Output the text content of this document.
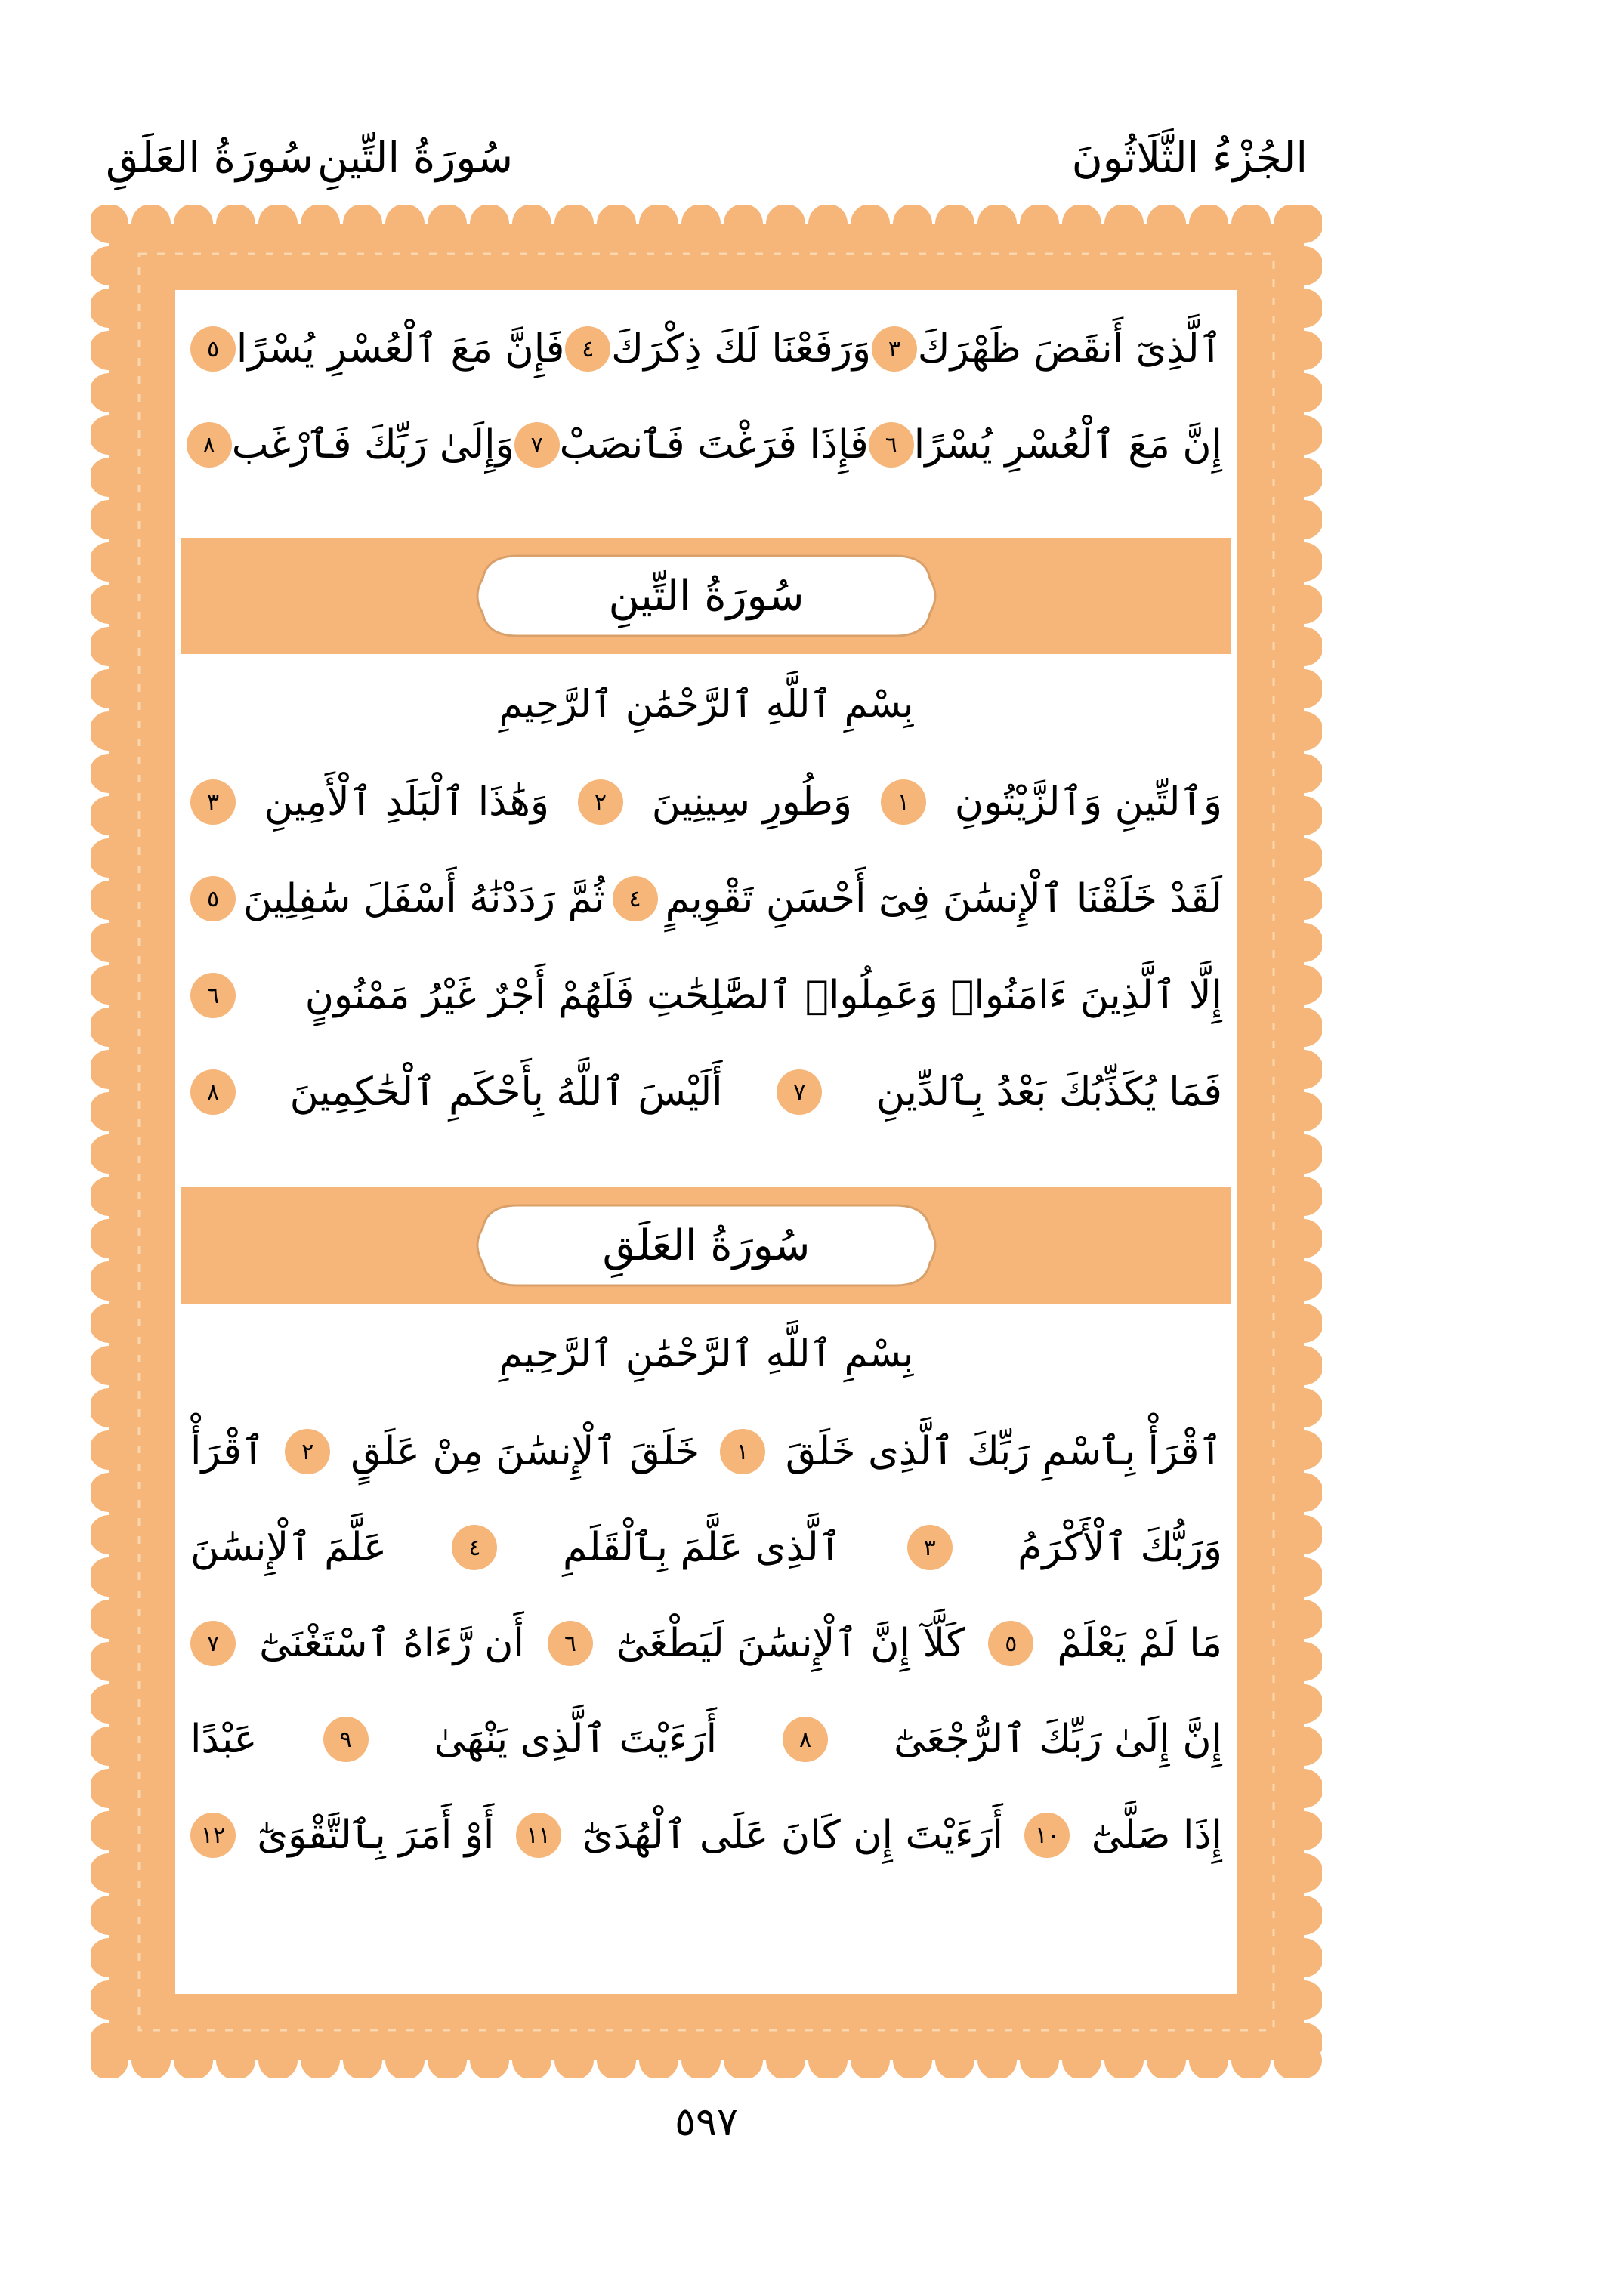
الجُزْءُ الثَّلَاثُونَ
سُورَةُ التِّينِ
سُورَةُ العَلَقِ
ٱلَّذِىٓ أَنقَضَ ظَهْرَكَ
٣
وَرَفَعْنَا لَكَ ذِكْرَكَ
٤
فَإِنَّ مَعَ ٱلْعُسْرِ يُسْرًا
٥
إِنَّ مَعَ ٱلْعُسْرِ يُسْرًا
٦
فَإِذَا فَرَغْتَ فَٱنصَبْ
٧
وَإِلَىٰ رَبِّكَ فَٱرْغَب
٨
سُورَةُ التِّينِ
بِسْمِ ٱللَّهِ ٱلرَّحْمَٰنِ ٱلرَّحِيمِ
وَٱلتِّينِ وَٱلزَّيْتُونِ
١
وَطُورِ سِينِينَ
٢
وَهَٰذَا ٱلْبَلَدِ ٱلْأَمِينِ
٣
لَقَدْ خَلَقْنَا ٱلْإِنسَٰنَ فِىٓ أَحْسَنِ تَقْوِيمٍ
٤
ثُمَّ رَدَدْنَٰهُ أَسْفَلَ سَٰفِلِينَ
٥
إِلَّا ٱلَّذِينَ ءَامَنُوا۟ وَعَمِلُوا۟ ٱلصَّٰلِحَٰتِ فَلَهُمْ أَجْرٌ غَيْرُ مَمْنُونٍ
٦
فَمَا يُكَذِّبُكَ بَعْدُ بِٱلدِّينِ
٧
أَلَيْسَ ٱللَّهُ بِأَحْكَمِ ٱلْحَٰكِمِينَ
٨
سُورَةُ العَلَقِ
بِسْمِ ٱللَّهِ ٱلرَّحْمَٰنِ ٱلرَّحِيمِ
ٱقْرَأْ بِٱسْمِ رَبِّكَ ٱلَّذِى خَلَقَ
١
خَلَقَ ٱلْإِنسَٰنَ مِنْ عَلَقٍ
٢
ٱقْرَأْ
وَرَبُّكَ ٱلْأَكْرَمُ
٣
ٱلَّذِى عَلَّمَ بِٱلْقَلَمِ
٤
عَلَّمَ ٱلْإِنسَٰنَ
مَا لَمْ يَعْلَمْ
٥
كَلَّآ إِنَّ ٱلْإِنسَٰنَ لَيَطْغَىٰٓ
٦
أَن رَّءَاهُ ٱسْتَغْنَىٰٓ
٧
إِنَّ إِلَىٰ رَبِّكَ ٱلرُّجْعَىٰٓ
٨
أَرَءَيْتَ ٱلَّذِى يَنْهَىٰ
٩
عَبْدًا
إِذَا صَلَّىٰٓ
١٠
أَرَءَيْتَ إِن كَانَ عَلَى ٱلْهُدَىٰٓ
١١
أَوْ أَمَرَ بِٱلتَّقْوَىٰٓ
١٢
٥٩٧
